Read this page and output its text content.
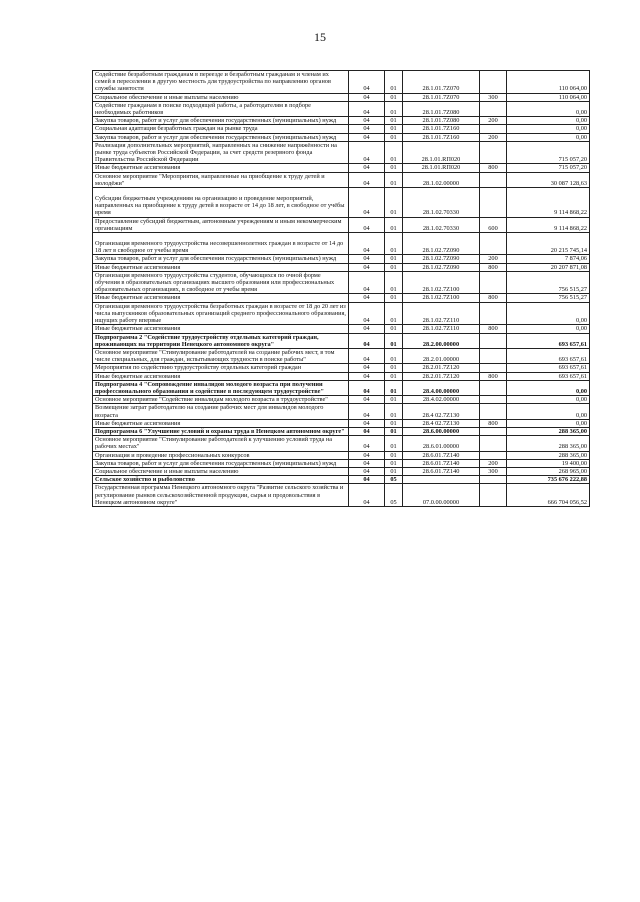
15
Содействие безработным гражданам в переезде и безработным гражданам и членам их семей в переселении в другую местность для трудоустройства по направлению органов службы занятости	04	01	28.1.01.7Z070		110 064,00
Социальное обеспечение и иные выплаты населению	04	01	28.1.01.7Z070	300	110 064,00
Содействие гражданам в поиске подходящей работы, а работодателям в подборе необходимых работников	04	01	28.1.01.7Z080		0,00
Закупка товаров, работ и услуг для обеспечения государственных (муниципальных) нужд	04	01	28.1.01.7Z080	200	0,00
Социальная адаптация безработных граждан на рынке труда	04	01	28.1.01.7Z160		0,00
Закупка товаров, работ и услуг для обеспечения государственных (муниципальных) нужд	04	01	28.1.01.7Z160	200	0,00
Реализация дополнительных мероприятий, направленных на снижение напряжённости на рынке труда субъектов Российской Федерации, за счет средств резервного фонда Правительства Российской Федерации	04	01	28.1.01.RП020		715 057,20
Иные бюджетные ассигнования	04	01	28.1.01.RП020	800	715 057,20
Основное мероприятие "Мероприятия, направленные на приобщение к труду детей и молодёжи"	04	01	28.1.02.00000		30 087 128,63
Субсидии бюджетным учреждениям на организацию и проведение мероприятий, направленных на приобщение к труду детей в возрасте от 14 до 18 лет, в свободное от учёбы время	04	01	28.1.02.70330		9 114 868,22
Предоставление субсидий бюджетным, автономным учреждениям и иным некоммерческим организациям	04	01	28.1.02.70330	600	9 114 868,22
Организация временного трудоустройства несовершеннолетних граждан в возрасте от 14 до 18 лет в свободное от учебы время	04	01	28.1.02.7Z090		20 215 745,14
Закупка товаров, работ и услуг для обеспечения государственных (муниципальных) нужд	04	01	28.1.02.7Z090	200	7 874,06
Иные бюджетные ассигнования	04	01	28.1.02.7Z090	800	20 207 871,08
Организация временного трудоустройства студентов, обучающихся по очной форме обучения в образовательных организациях высшего образования или профессиональных образовательных организациях, в свободное от учебы время	04	01	28.1.02.7Z100		756 515,27
Иные бюджетные ассигнования	04	01	28.1.02.7Z100	800	756 515,27
Организация временного трудоустройства безработных граждан в возрасте от 18 до 20 лет из числа выпускников образовательных организаций среднего профессионального образования, ищущих работу впервые	04	01	28.1.02.7Z110		0,00
Иные бюджетные ассигнования	04	01	28.1.02.7Z110	800	0,00
Подпрограмма 2 "Содействие трудоустройству отдельных категорий граждан, проживающих на территории Ненецкого автономного округа"	04	01	28.2.00.00000		693 657,61
Основное мероприятие "Стимулирование работодателей на создание рабочих мест, в том числе специальных, для граждан, испытывающих трудности в поиске работы"	04	01	28.2.01.00000		693 657,61
Мероприятия по содействию трудоустройству отдельных категорий граждан	04	01	28.2.01.7Z120		693 657,61
Иные бюджетные ассигнования	04	01	28.2.01.7Z120	800	693 657,61
Подпрограмма 4 "Сопровождение инвалидов молодого возраста при получении профессионального образования и содействие в последующем трудоустройстве"	04	01	28.4.00.00000		0,00
Основное мероприятие "Содействие инвалидам молодого возраста в трудоустройстве"	04	01	28.4.02.00000		0,00
Возмещение затрат работодателю на создание рабочих мест для инвалидов молодого возраста	04	01	28.4 02.7Z130		0,00
Иные бюджетные ассигнования	04	01	28.4 02.7Z130	800	0,00
Подпрограмма 6 "Улучшение условий и охраны труда в Ненецком автономном округе"	04	01	28.6.00.00000		288 365,00
Основное мероприятие "Стимулирование работодателей к улучшению условий труда на рабочих местах"	04	01	28.6.01.00000		288 365,00
Организация и проведение профессиональных конкурсов	04	01	28.6.01.7Z140		288 365,00
Закупка товаров, работ и услуг для обеспечения государственных (муниципальных) нужд	04	01	28.6.01.7Z140	200	19 400,00
Социальное обеспечение и иные выплаты населению	04	01	28.6.01.7Z140	300	268 965,00
Сельское хозяйство и рыболовство	04	05			735 676 222,88
Государственная программа Ненецкого автономного округа "Развитие сельского хозяйства и регулирование рынков сельскохозяйственной продукции, сырья и продовольствия в Ненецком автономном округе"	04	05	07.0.00.00000		666 704 056,52
